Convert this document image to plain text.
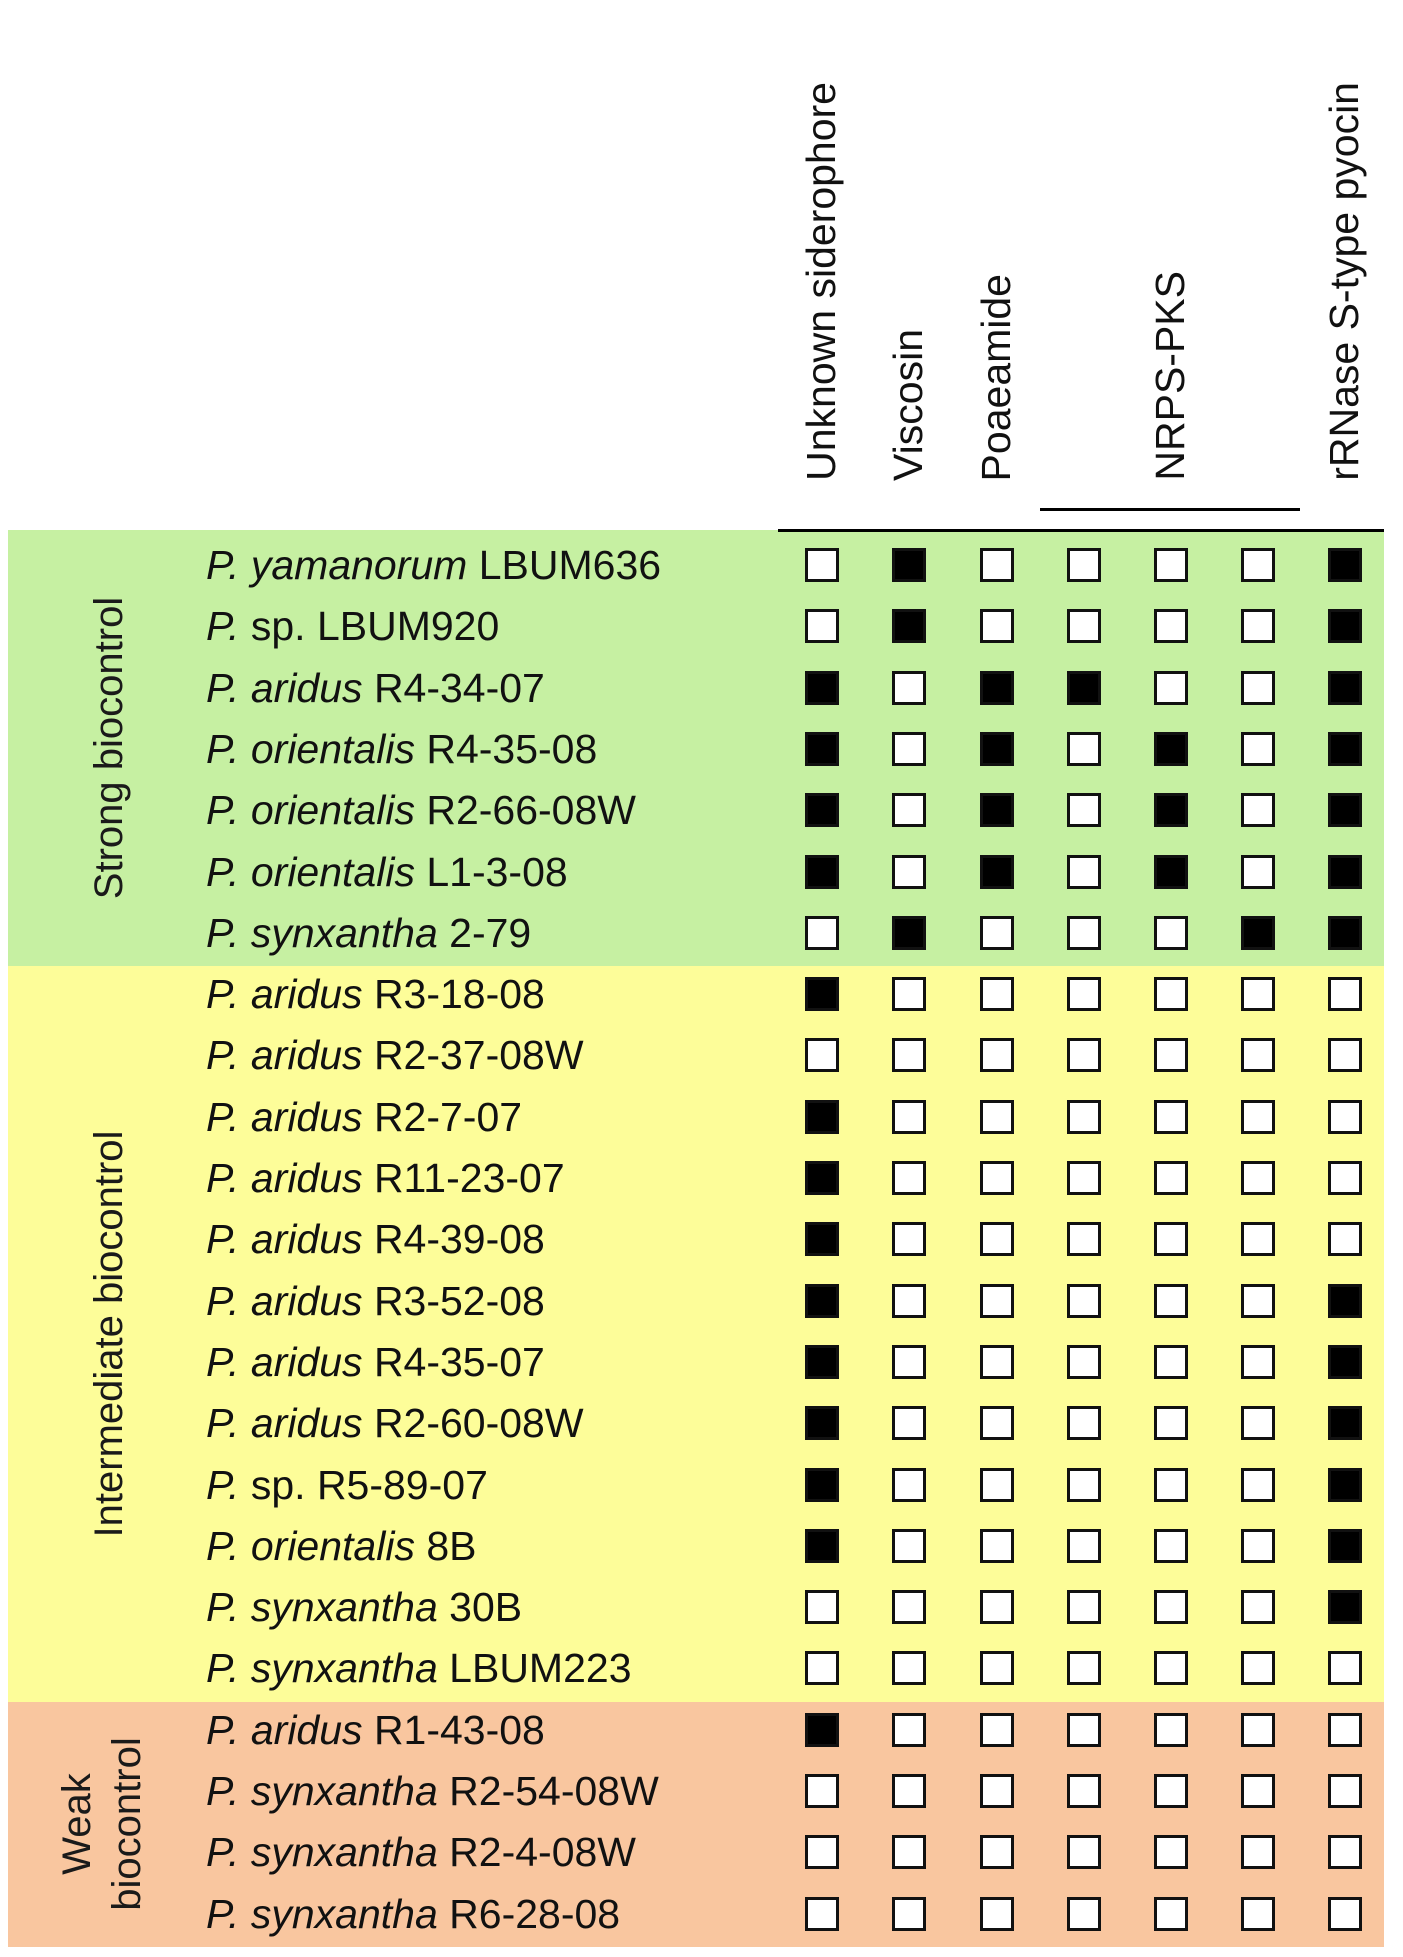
Strong biocontrol
Intermediate biocontrol
Weak biocontrol
Unknown siderophore Viscosin Poaeamide	NRPS-PKS	rRNase S-type pyocin
P. yamanorum LBUM636
P. sp. LBUM920
P. aridus R4-34-07
P. orientalis R4-35-08
P. orientalis R2-66-08W
P. orientalis L1-3-08
P. synxantha 2-79
P. aridus R3-18-08
P. aridus R2-37-08W
P. aridus R2-7-07
P. aridus R11-23-07
P. aridus R4-39-08
P. aridus R3-52-08
P. aridus R4-35-07
P. aridus R2-60-08W
P. sp. R5-89-07
P. orientalis 8B
P. synxantha 30B
P. synxantha LBUM223
P. aridus R1-43-08
P. synxantha R2-54-08W
P. synxantha R2-4-08W
P. synxantha R6-28-08
